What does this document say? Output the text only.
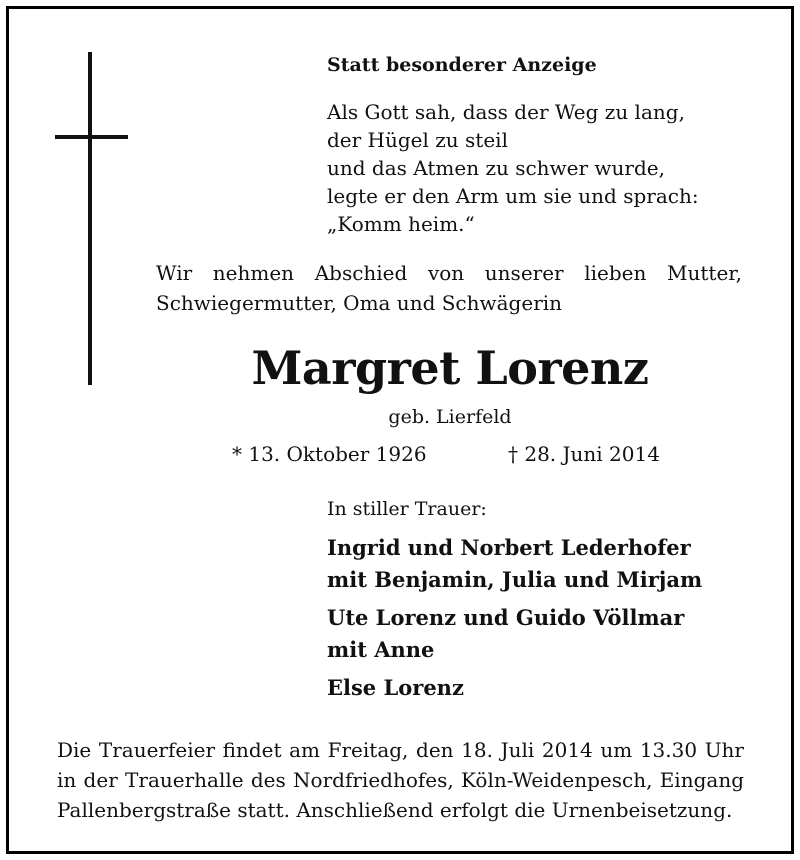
Statt besonderer Anzeige
Als Gott sah, dass der Weg zu lang,
der Hügel zu steil
und das Atmen zu schwer wurde,
legte er den Arm um sie und sprach:
„Komm heim.“
Wir nehmen Abschied von unserer lieben Mutter,
Schwiegermutter, Oma und Schwägerin
Margret Lorenz
geb. Lierfeld
* 13. Oktober 1926	† 28. Juni 2014
In stiller Trauer:
Ingrid und Norbert Lederhofer
mit Benjamin, Julia und Mirjam
Ute Lorenz und Guido Völlmar
mit Anne
Else Lorenz
Die Trauerfeier findet am Freitag, den 18. Juli 2014 um 13.30 Uhr
in der Trauerhalle des Nordfriedhofes, Köln-Weidenpesch, Eingang
Pallenbergstraße statt. Anschließend erfolgt die Urnenbeisetzung.
